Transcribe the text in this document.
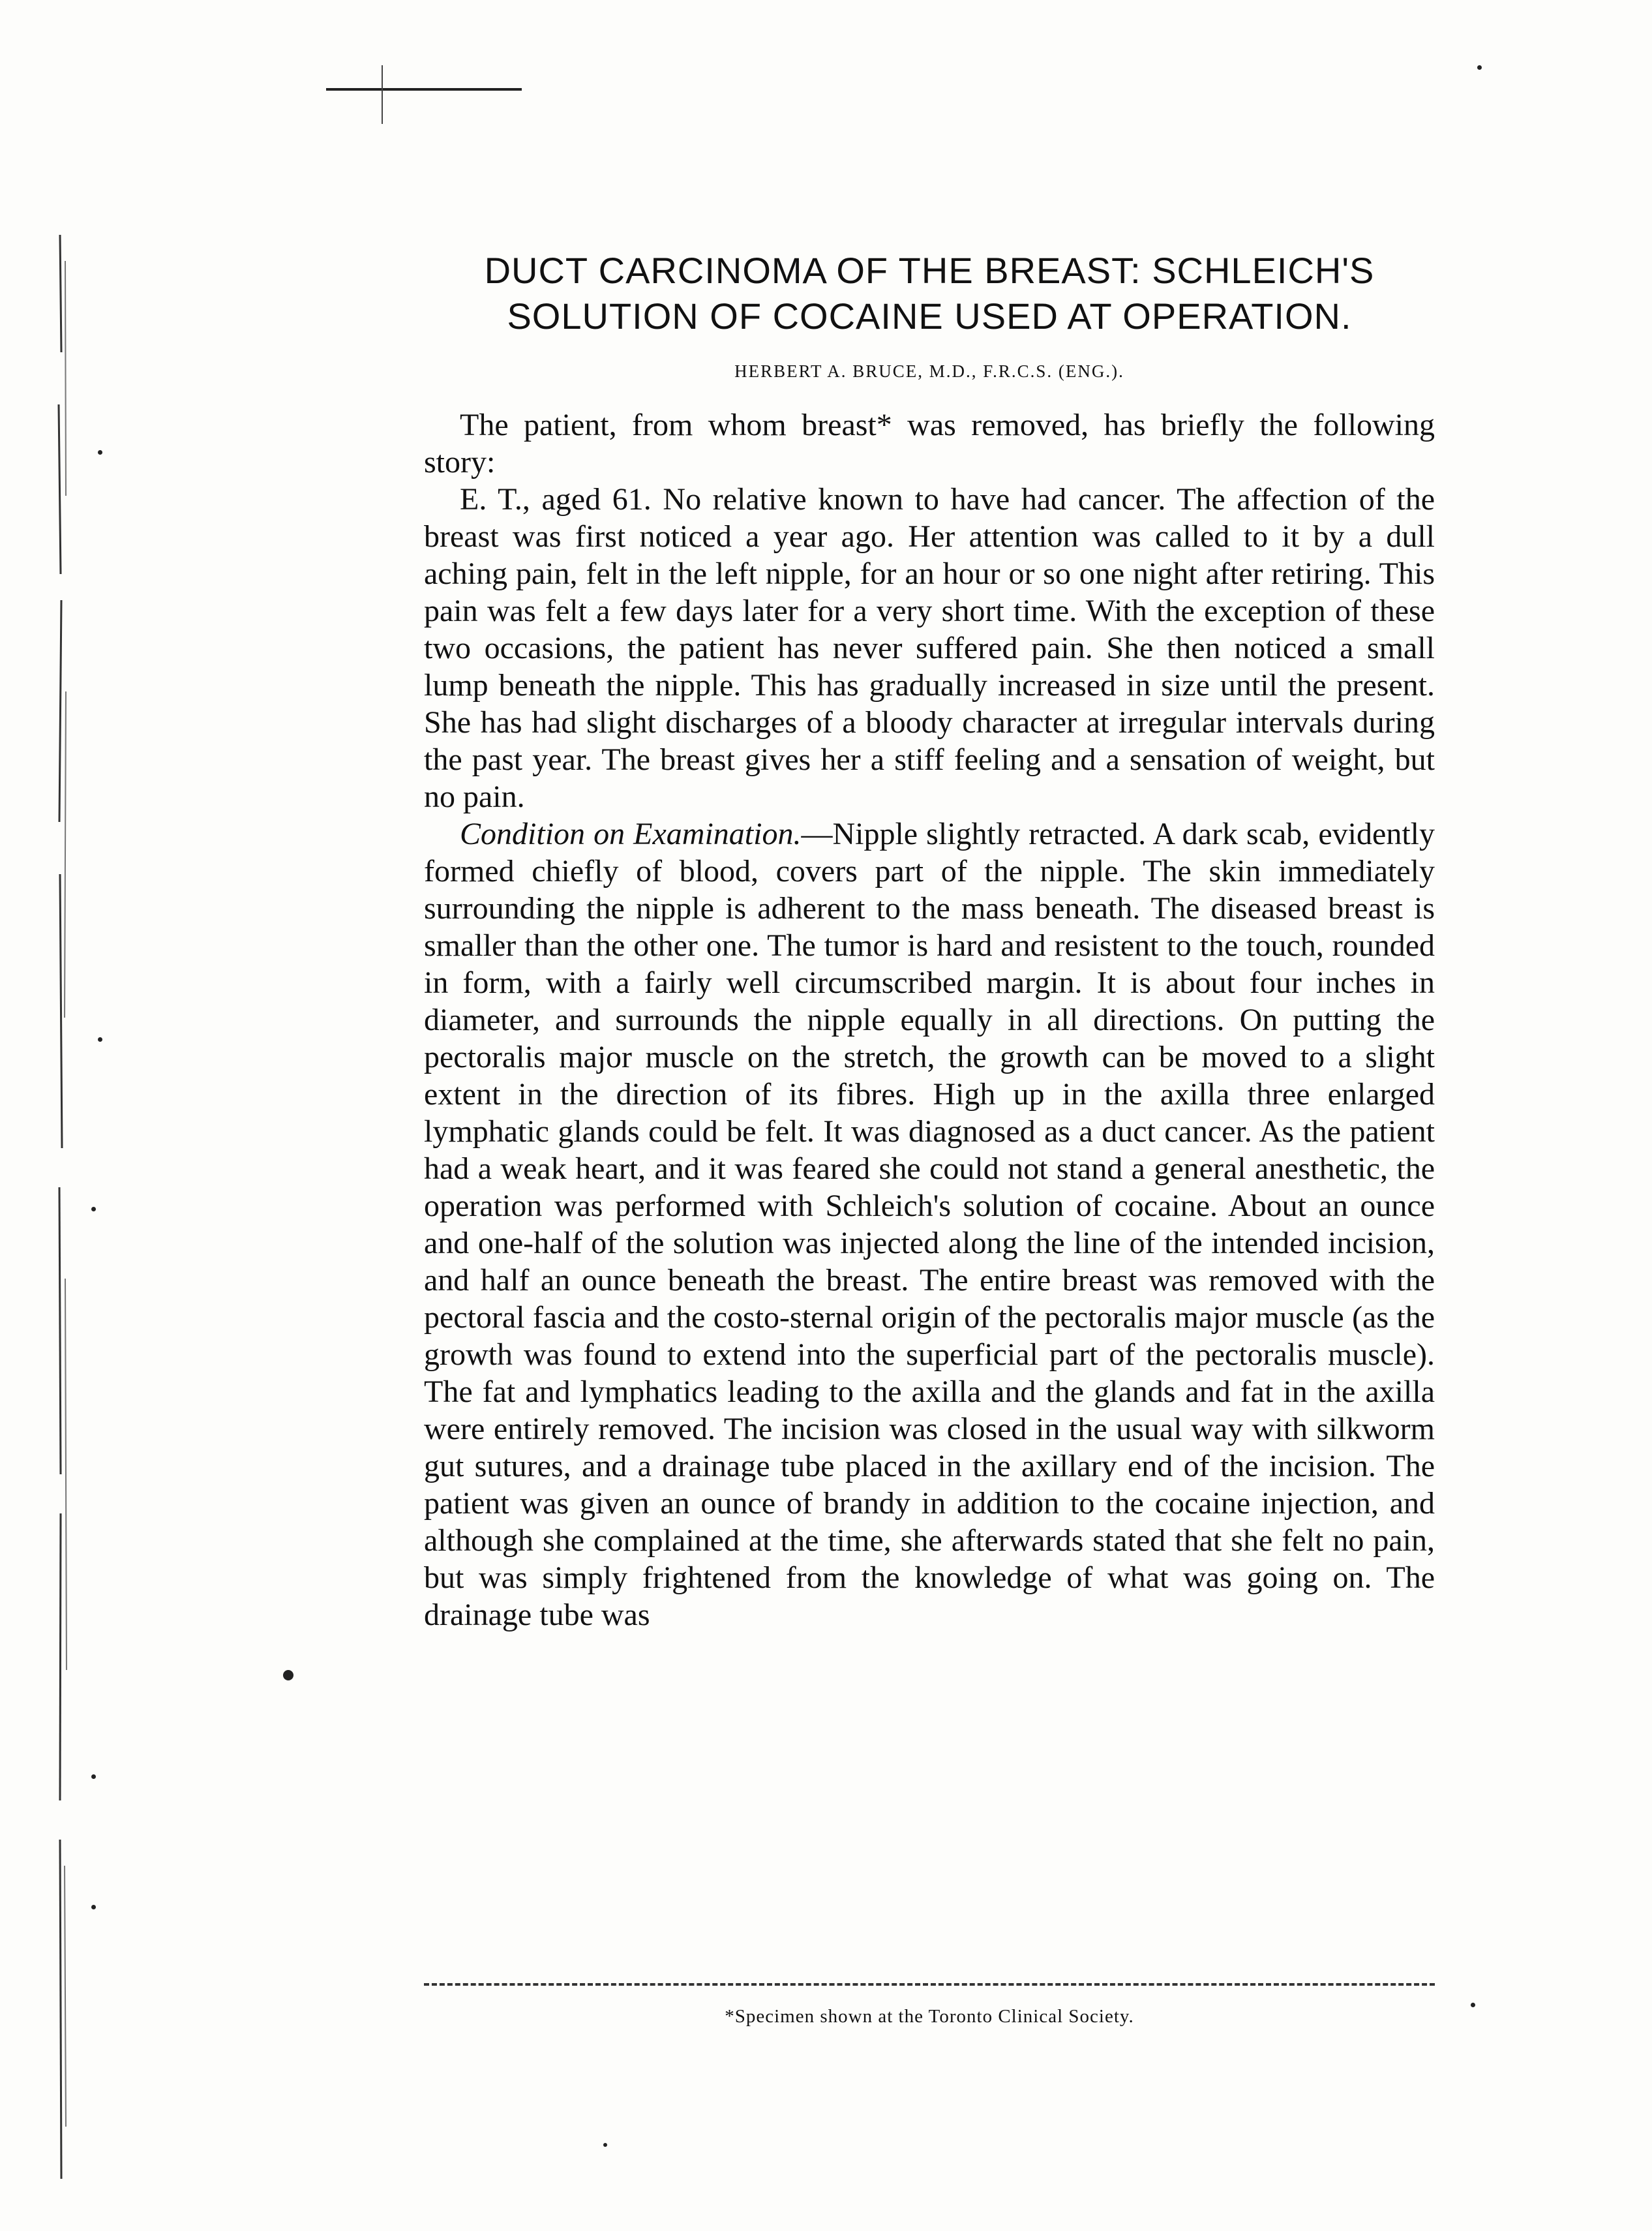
DUCT CARCINOMA OF THE BREAST: SCHLEICH'S
SOLUTION OF COCAINE USED AT OPERATION.
HERBERT A. BRUCE, M.D., F.R.C.S. (ENG.).

The patient, from whom breast* was removed, has briefly the following story:

E. T., aged 61. No relative known to have had cancer. The affection of the breast was first noticed a year ago. Her attention was called to it by a dull aching pain, felt in the left nipple, for an hour or so one night after retiring. This pain was felt a few days later for a very short time. With the exception of these two occasions, the patient has never suffered pain. She then noticed a small lump beneath the nipple. This has gradually increased in size until the present. She has had slight discharges of a bloody character at irregular intervals during the past year. The breast gives her a stiff feeling and a sensation of weight, but no pain.

Condition on Examination.—Nipple slightly retracted. A dark scab, evidently formed chiefly of blood, covers part of the nipple. The skin immediately surrounding the nipple is adherent to the mass beneath. The diseased breast is smaller than the other one. The tumor is hard and resistent to the touch, rounded in form, with a fairly well circumscribed margin. It is about four inches in diameter, and surrounds the nipple equally in all directions. On putting the pectoralis major muscle on the stretch, the growth can be moved to a slight extent in the direction of its fibres. High up in the axilla three enlarged lymphatic glands could be felt. It was diagnosed as a duct cancer. As the patient had a weak heart, and it was feared she could not stand a general anesthetic, the operation was performed with Schleich's solution of cocaine. About an ounce and one-half of the solution was injected along the line of the intended incision, and half an ounce beneath the breast. The entire breast was removed with the pectoral fascia and the costo-sternal origin of the pectoralis major muscle (as the growth was found to extend into the superficial part of the pectoralis muscle). The fat and lymphatics leading to the axilla and the glands and fat in the axilla were entirely removed. The incision was closed in the usual way with silkworm gut sutures, and a drainage tube placed in the axillary end of the incision. The patient was given an ounce of brandy in addition to the cocaine injection, and although she complained at the time, she afterwards stated that she felt no pain, but was simply frightened from the knowledge of what was going on. The drainage tube was

*Specimen shown at the Toronto Clinical Society.
